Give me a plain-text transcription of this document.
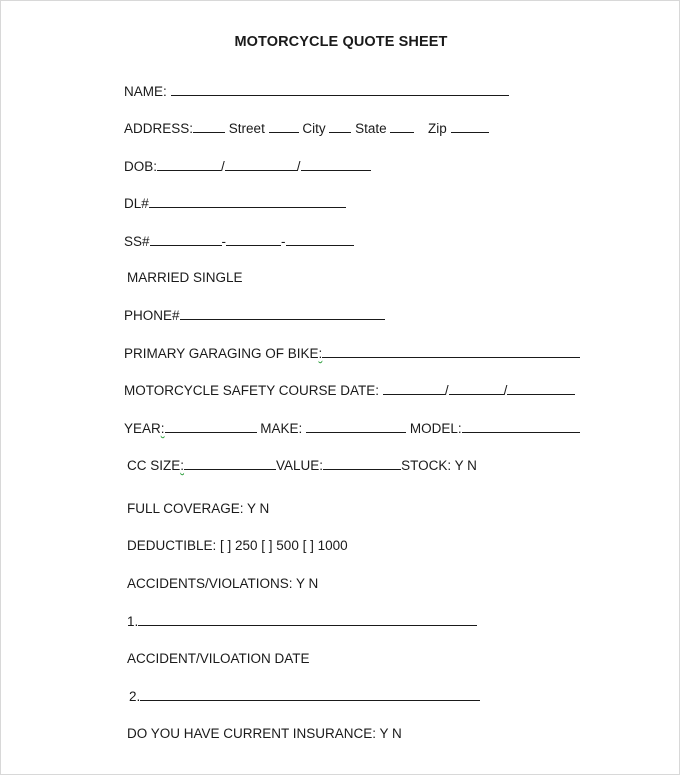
MOTORCYCLE QUOTE SHEET
NAME:
ADDRESS:	Street	City State	Zip
DOB:	/	/
DL#
SS#	-	-
MARRIED SINGLE
PHONE#
PRIMARY GARAGING OF BIKE:
MOTORCYCLE SAFETY COURSE DATE:	/	/
YEAR:	MAKE:	MODEL:
CC SIZE:	VALUE:	STOCK: Y N
FULL COVERAGE: Y N
DEDUCTIBLE: [ ] 250 [ ] 500 [ ] 1000
ACCIDENTS/VIOLATIONS: Y N
1.
ACCIDENT/VILOATION DATE
2.
DO YOU HAVE CURRENT INSURANCE: Y N
